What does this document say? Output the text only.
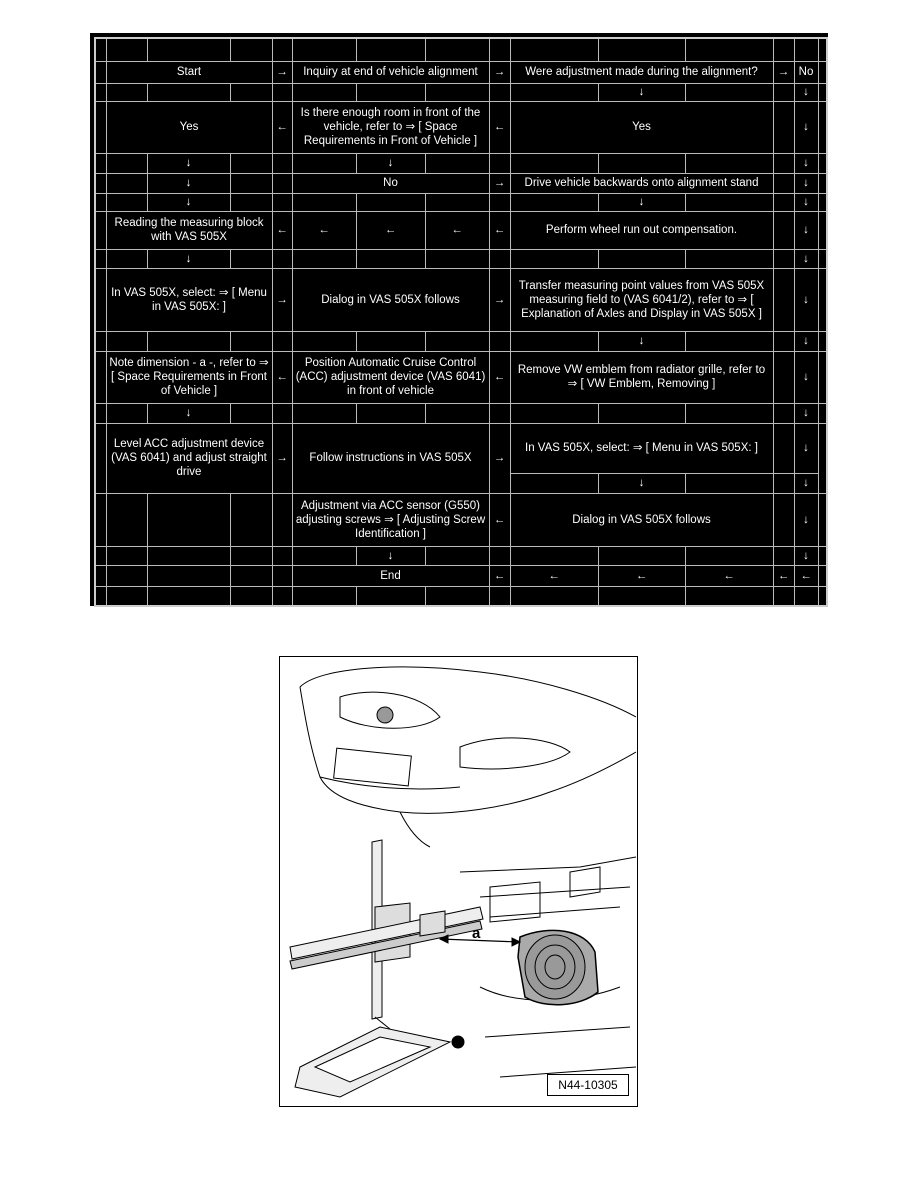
	Start			→	Inquiry at end of vehicle alignment			→	Were adjustment made during the alignment?			→	No	
										↓			↓	
	Yes			←	Is there enough room in front of the vehicle, refer to ⇒ [ Space Requirements in Front of Vehicle ]			←	Yes				↓	
		↓				↓							↓	
		↓			No			→	Drive vehicle backwards onto alignment stand				↓	
		↓								↓			↓	
	Reading the measuring block with VAS 505X			←	←	←	←	←	Perform wheel run out compensation.				↓	
		↓											↓	
	In VAS 505X, select: ⇒ [ Menu in VAS 505X: ]			→	Dialog in VAS 505X follows			→	Transfer measuring point values from VAS 505X measuring field to (VAS 6041/2), refer to ⇒ [ Explanation of Axles and Display in VAS 505X ]				↓	
										↓			↓	
	Note dimension - a -, refer to ⇒ [ Space Requirements in Front of Vehicle ]			←	Position Automatic Cruise Control (ACC) adjustment device (VAS 6041) in front of vehicle			←	Remove VW emblem from radiator grille, refer to ⇒ [ VW Emblem, Removing ]				↓	
		↓											↓	
	Level ACC adjustment device (VAS 6041) and adjust straight drive			→	Follow instructions in VAS 505X			→	In VAS 505X, select: ⇒ [ Menu in VAS 505X: ]				↓	
										↓			↓	
					Adjustment via ACC sensor (G550) adjusting screws ⇒ [ Adjusting Screw Identification ]			←	Dialog in VAS 505X follows				↓	
						↓							↓	
					End			←	←	←	←	←	←	

a
N44-10305
